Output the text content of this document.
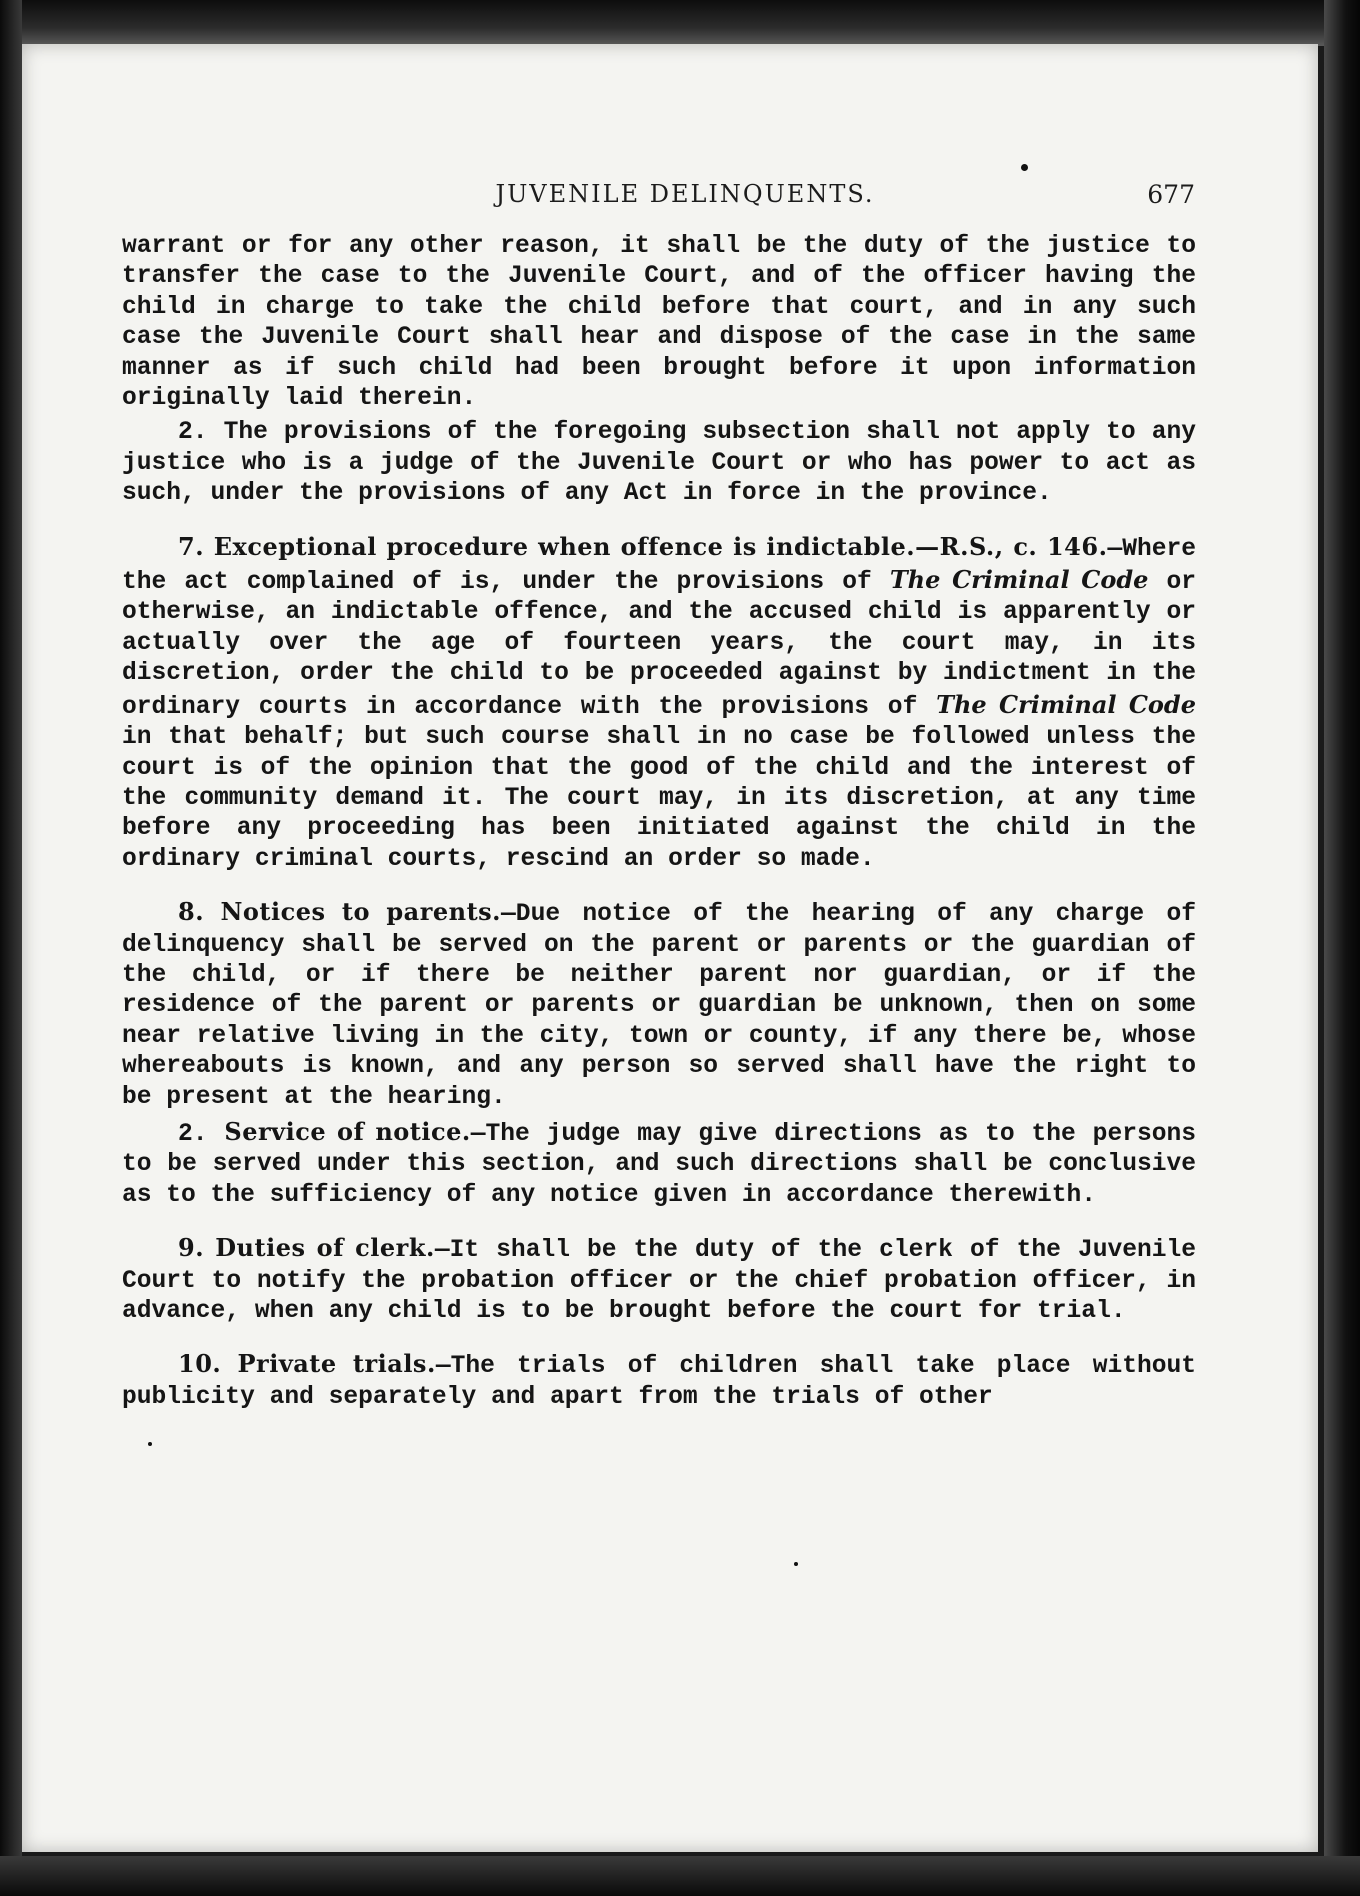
JUVENILE DELINQUENTS.	677

warrant or for any other reason, it shall be the duty of the justice to transfer the case to the Juvenile Court, and of the officer having the child in charge to take the child before that court, and in any such case the Juvenile Court shall hear and dispose of the case in the same manner as if such child had been brought before it upon information originally laid therein.

2. The provisions of the foregoing subsection shall not apply to any justice who is a judge of the Juvenile Court or who has power to act as such, under the provisions of any Act in force in the province.

7. Exceptional procedure when offence is indictable.—R.S., c. 146.—Where the act complained of is, under the provisions of The Criminal Code or otherwise, an indictable offence, and the accused child is apparently or actually over the age of fourteen years, the court may, in its discretion, order the child to be proceeded against by indictment in the ordinary courts in accordance with the provisions of The Criminal Code in that behalf; but such course shall in no case be followed unless the court is of the opinion that the good of the child and the interest of the community demand it. The court may, in its discretion, at any time before any proceeding has been initiated against the child in the ordinary criminal courts, rescind an order so made.

8. Notices to parents.—Due notice of the hearing of any charge of delinquency shall be served on the parent or parents or the guardian of the child, or if there be neither parent nor guardian, or if the residence of the parent or parents or guardian be unknown, then on some near relative living in the city, town or county, if any there be, whose whereabouts is known, and any person so served shall have the right to be present at the hearing.

2. Service of notice.—The judge may give directions as to the persons to be served under this section, and such directions shall be conclusive as to the sufficiency of any notice given in accordance therewith.

9. Duties of clerk.—It shall be the duty of the clerk of the Juvenile Court to notify the probation officer or the chief probation officer, in advance, when any child is to be brought before the court for trial.

10. Private trials.—The trials of children shall take place without publicity and separately and apart from the trials of other
